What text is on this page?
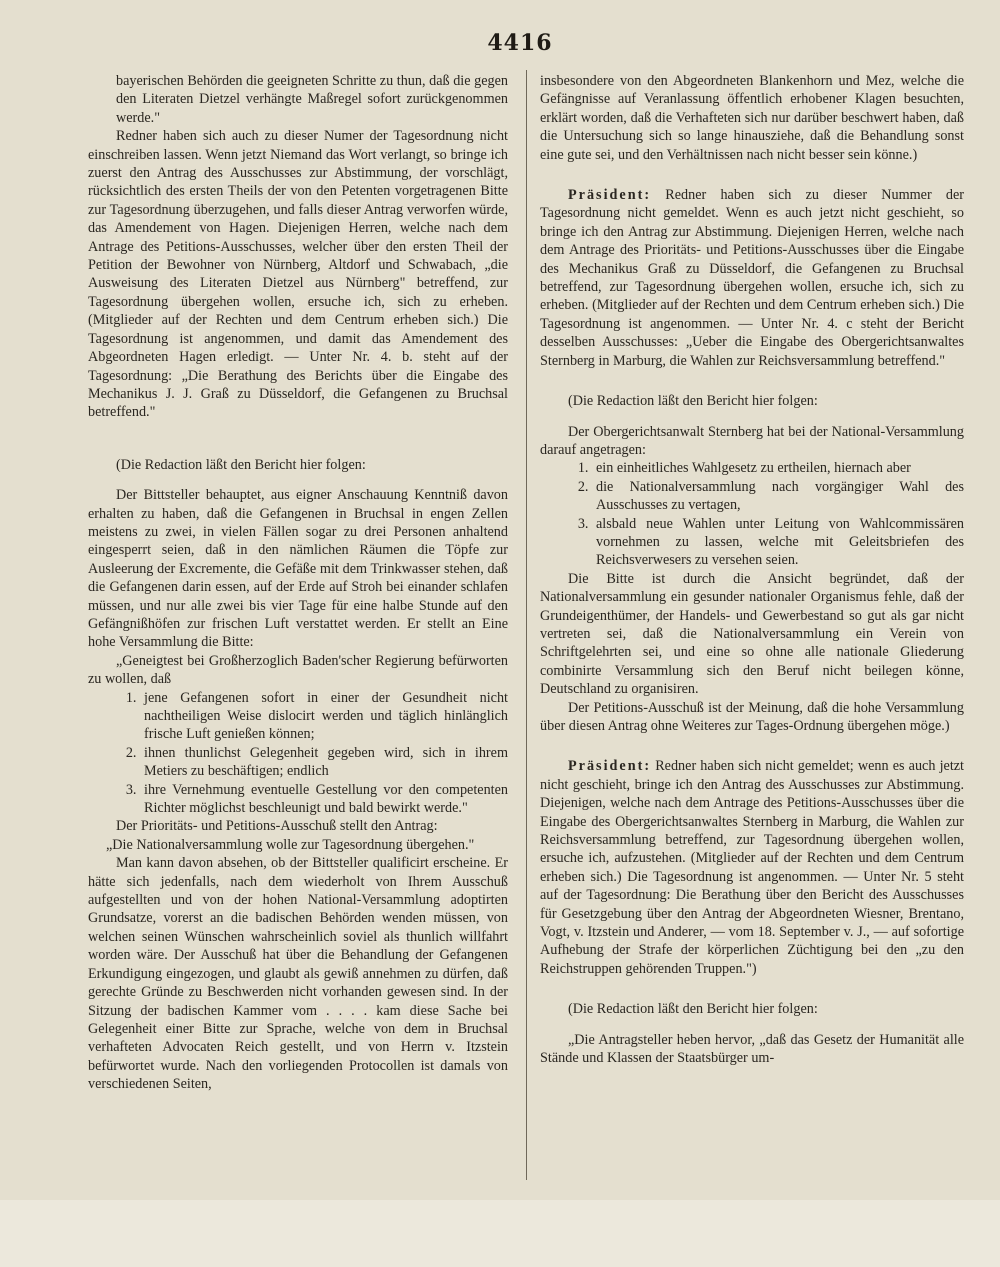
4416

bayerischen Behörden die geeigneten Schritte zu thun, daß die gegen den Literaten Dietzel verhängte Maßregel sofort zurückgenommen werde."

Redner haben sich auch zu dieser Numer der Tagesordnung nicht einschreiben lassen. Wenn jetzt Niemand das Wort verlangt, so bringe ich zuerst den Antrag des Ausschusses zur Abstimmung, der vorschlägt, rücksichtlich des ersten Theils der von den Petenten vorgetragenen Bitte zur Tagesordnung überzugehen, und falls dieser Antrag verworfen würde, das Amendement von Hagen. Diejenigen Herren, welche nach dem Antrage des Petitions-Ausschusses, welcher über den ersten Theil der Petition der Bewohner von Nürnberg, Altdorf und Schwabach, „die Ausweisung des Literaten Dietzel aus Nürnberg" betreffend, zur Tagesordnung übergehen wollen, ersuche ich, sich zu erheben. (Mitglieder auf der Rechten und dem Centrum erheben sich.) Die Tagesordnung ist angenommen, und damit das Amendement des Abgeordneten Hagen erledigt. — Unter Nr. 4. b. steht auf der Tagesordnung: „Die Berathung des Berichts über die Eingabe des Mechanikus J. J. Graß zu Düsseldorf, die Gefangenen zu Bruchsal betreffend."

(Die Redaction läßt den Bericht hier folgen:

Der Bittsteller behauptet, aus eigner Anschauung Kenntniß davon erhalten zu haben, daß die Gefangenen in Bruchsal in engen Zellen meistens zu zwei, in vielen Fällen sogar zu drei Personen anhaltend eingesperrt seien, daß in den nämlichen Räumen die Töpfe zur Ausleerung der Excremente, die Gefäße mit dem Trinkwasser stehen, daß die Gefangenen darin essen, auf der Erde auf Stroh bei einander schlafen müssen, und nur alle zwei bis vier Tage für eine halbe Stunde auf den Gefängnißhöfen zur frischen Luft verstattet werden. Er stellt an Eine hohe Versammlung die Bitte:

„Geneigtest bei Großherzoglich Baden'scher Regierung befürworten zu wollen, daß

1. jene Gefangenen sofort in einer der Gesundheit nicht nachtheiligen Weise dislocirt werden und täglich hinlänglich frische Luft genießen können;
2. ihnen thunlichst Gelegenheit gegeben wird, sich in ihrem Metiers zu beschäftigen; endlich
3. ihre Vernehmung eventuelle Gestellung vor den competenten Richter möglichst beschleunigt und bald bewirkt werde."

Der Prioritäts- und Petitions-Ausschuß stellt den Antrag:

„Die Nationalversammlung wolle zur Tagesordnung übergehen."

Man kann davon absehen, ob der Bittsteller qualificirt erscheine. Er hätte sich jedenfalls, nach dem wiederholt von Ihrem Ausschuß aufgestellten und von der hohen National-Versammlung adoptirten Grundsatze, vorerst an die badischen Behörden wenden müssen, von welchen seinen Wünschen wahrscheinlich soviel als thunlich willfahrt worden wäre. Der Ausschuß hat über die Behandlung der Gefangenen Erkundigung eingezogen, und glaubt als gewiß annehmen zu dürfen, daß gerechte Gründe zu Beschwerden nicht vorhanden gewesen sind. In der Sitzung der badischen Kammer vom . . . . kam diese Sache bei Gelegenheit einer Bitte zur Sprache, welche von dem in Bruchsal verhafteten Advocaten Reich gestellt, und von Herrn v. Itzstein befürwortet wurde. Nach den vorliegenden Protocollen ist damals von verschiedenen Seiten,

insbesondere von den Abgeordneten Blankenhorn und Mez, welche die Gefängnisse auf Veranlassung öffentlich erhobener Klagen besuchten, erklärt worden, daß die Verhafteten sich nur darüber beschwert haben, daß die Untersuchung sich so lange hinausziehe, daß die Behandlung sonst eine gute sei, und den Verhältnissen nach nicht besser sein könne.)

Präsident: Redner haben sich zu dieser Nummer der Tagesordnung nicht gemeldet. Wenn es auch jetzt nicht geschieht, so bringe ich den Antrag zur Abstimmung. Diejenigen Herren, welche nach dem Antrage des Prioritäts- und Petitions-Ausschusses über die Eingabe des Mechanikus Graß zu Düsseldorf, die Gefangenen zu Bruchsal betreffend, zur Tagesordnung übergehen wollen, ersuche ich, sich zu erheben. (Mitglieder auf der Rechten und dem Centrum erheben sich.) Die Tagesordnung ist angenommen. — Unter Nr. 4. c steht der Bericht desselben Ausschusses: „Ueber die Eingabe des Obergerichtsanwaltes Sternberg in Marburg, die Wahlen zur Reichsversammlung betreffend."

(Die Redaction läßt den Bericht hier folgen:

Der Obergerichtsanwalt Sternberg hat bei der National-Versammlung darauf angetragen:

1. ein einheitliches Wahlgesetz zu ertheilen, hiernach aber
2. die Nationalversammlung nach vorgängiger Wahl des Ausschusses zu vertagen,
3. alsbald neue Wahlen unter Leitung von Wahlcommissären vornehmen zu lassen, welche mit Geleitsbriefen des Reichsverwesers zu versehen seien.

Die Bitte ist durch die Ansicht begründet, daß der Nationalversammlung ein gesunder nationaler Organismus fehle, daß der Grundeigenthümer, der Handels- und Gewerbestand so gut als gar nicht vertreten sei, daß die Nationalversammlung ein Verein von Schriftgelehrten sei, und eine so ohne alle nationale Gliederung combinirte Versammlung sich den Beruf nicht beilegen könne, Deutschland zu organisiren.

Der Petitions-Ausschuß ist der Meinung, daß die hohe Versammlung über diesen Antrag ohne Weiteres zur Tages-Ordnung übergehen möge.)

Präsident: Redner haben sich nicht gemeldet; wenn es auch jetzt nicht geschieht, bringe ich den Antrag des Ausschusses zur Abstimmung. Diejenigen, welche nach dem Antrage des Petitions-Ausschusses über die Eingabe des Obergerichtsanwaltes Sternberg in Marburg, die Wahlen zur Reichsversammlung betreffend, zur Tagesordnung übergehen wollen, ersuche ich, aufzustehen. (Mitglieder auf der Rechten und dem Centrum erheben sich.) Die Tagesordnung ist angenommen. — Unter Nr. 5 steht auf der Tagesordnung: Die Berathung über den Bericht des Ausschusses für Gesetzgebung über den Antrag der Abgeordneten Wiesner, Brentano, Vogt, v. Itzstein und Anderer, — vom 18. September v. J., — auf sofortige Aufhebung der Strafe der körperlichen Züchtigung bei den „zu den Reichstruppen gehörenden Truppen.")

(Die Redaction läßt den Bericht hier folgen:

„Die Antragsteller heben hervor, „daß das Gesetz der Humanität alle Stände und Klassen der Staatsbürger um-
